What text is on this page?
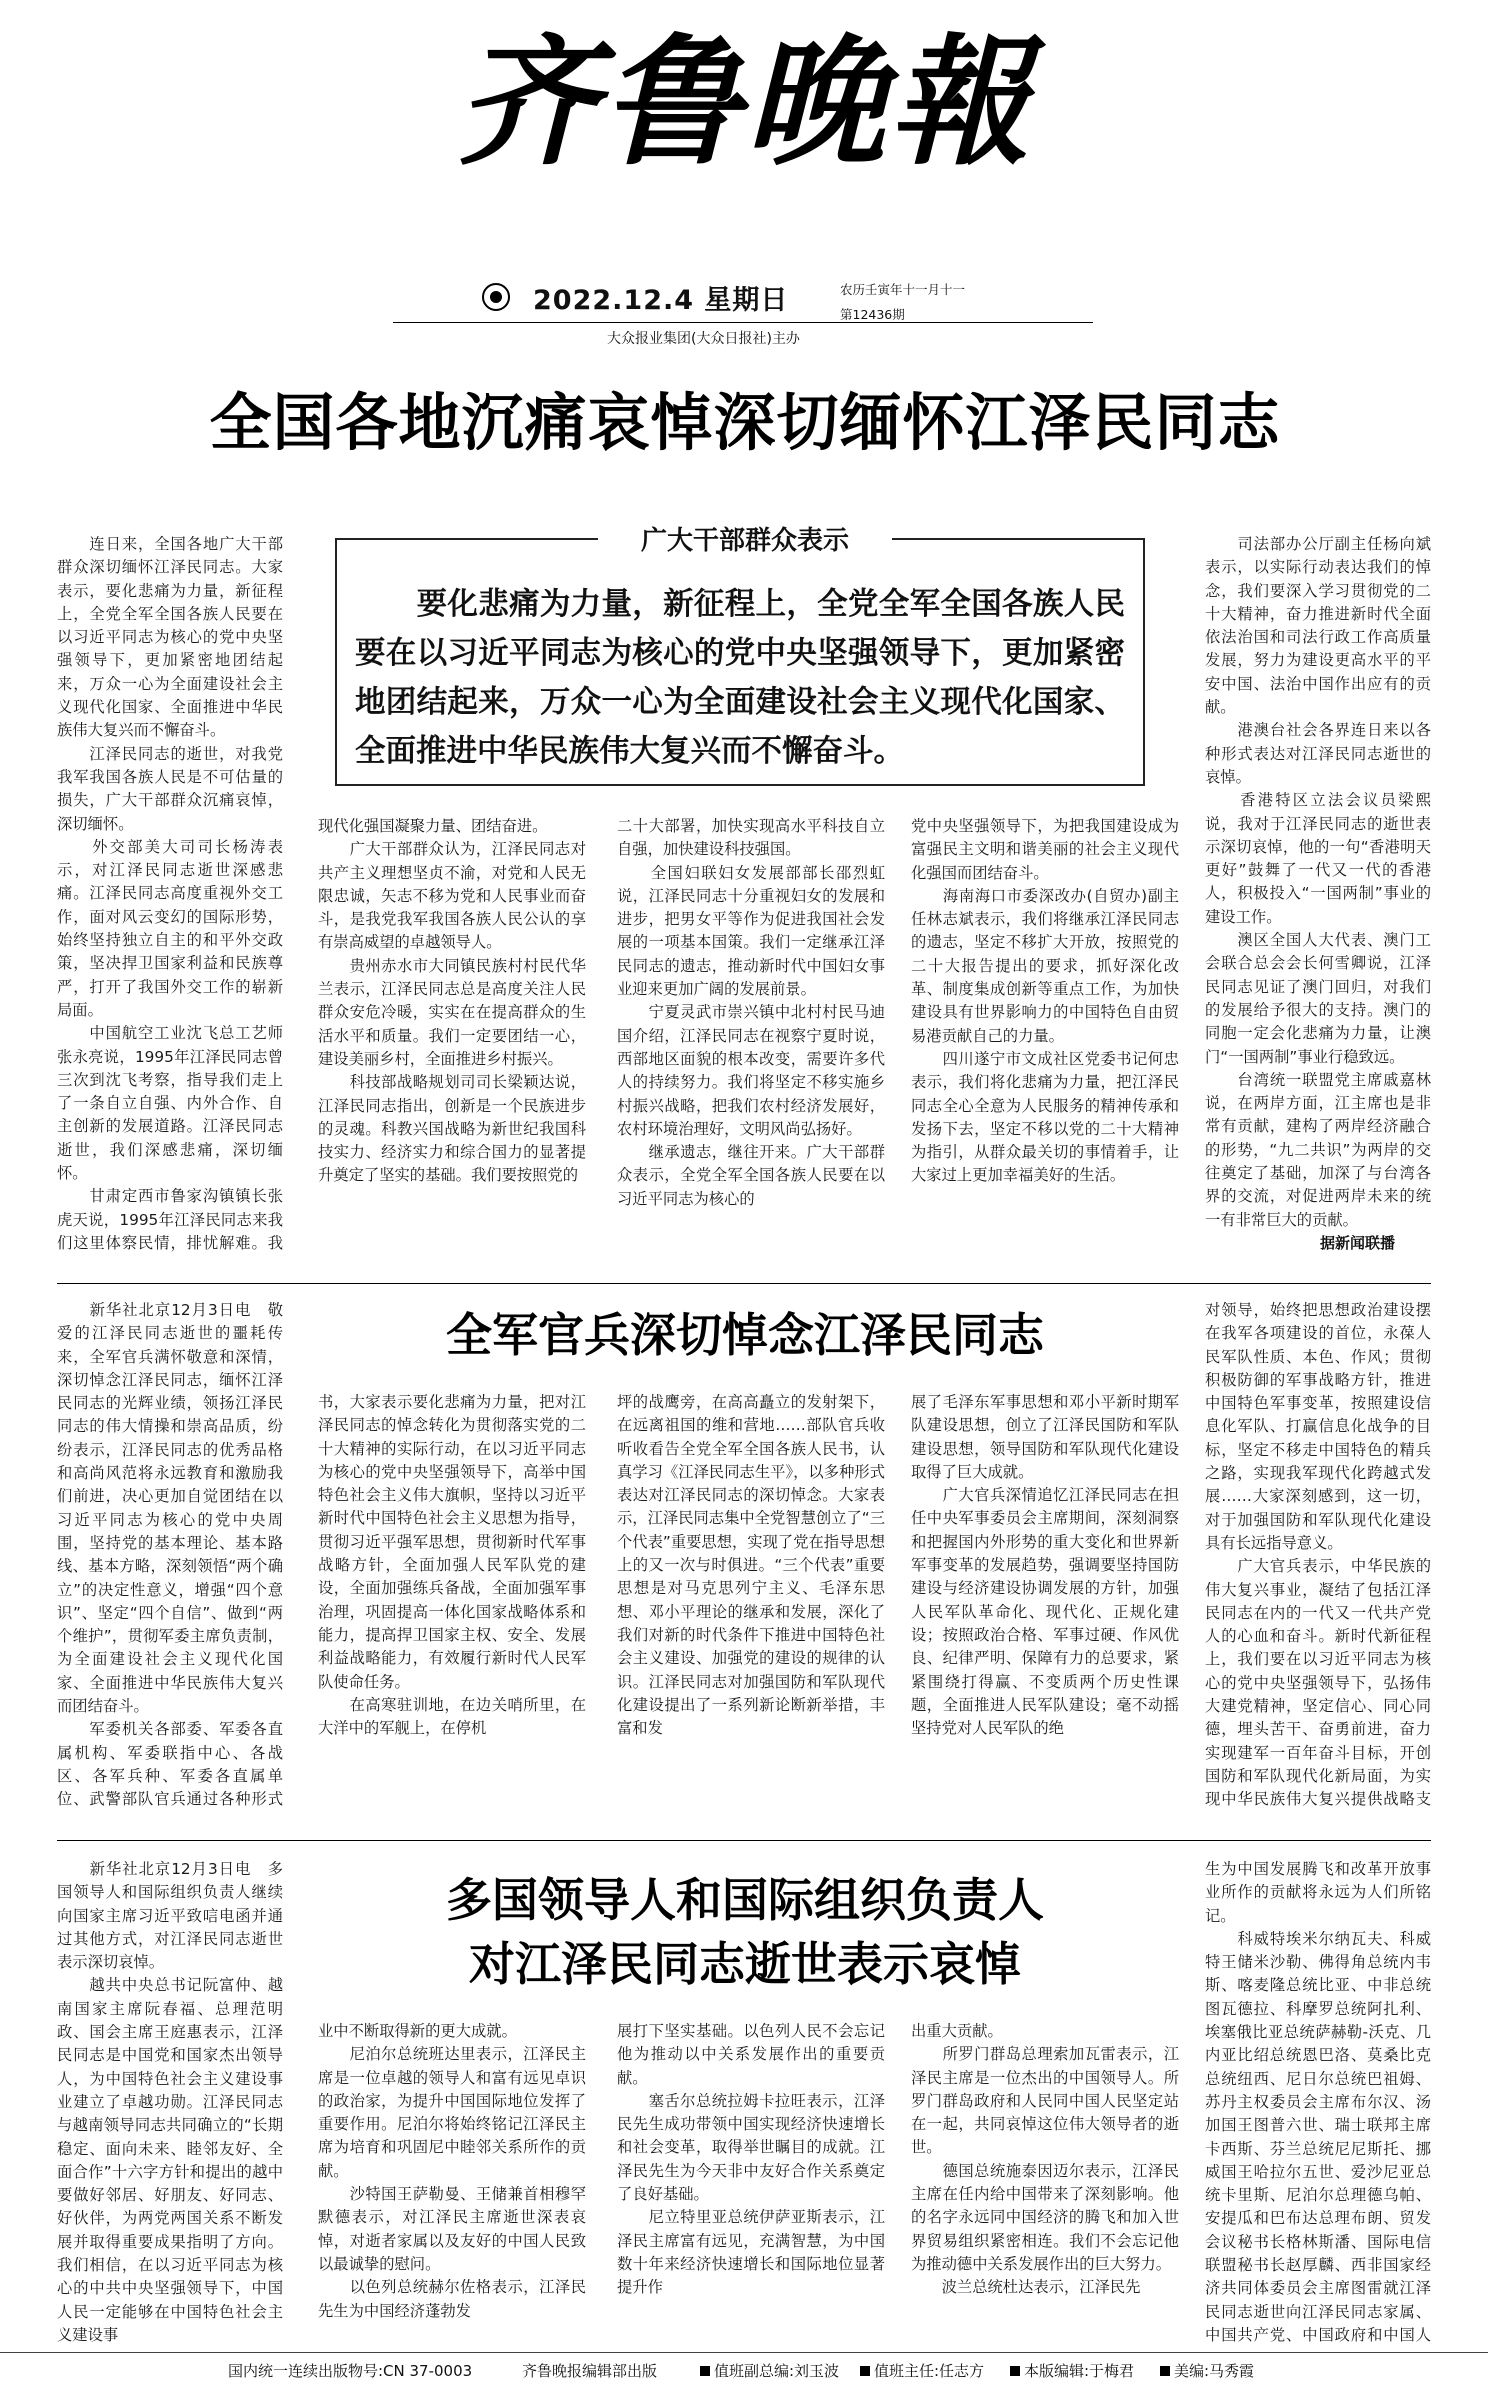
齐鲁晚報
2022.12.4 星期日	农历壬寅年十一月十一
第12436期
大众报业集团(大众日报社)主办
全国各地沉痛哀悼深切缅怀江泽民同志
广大干部群众表示
　　要化悲痛为力量，新征程上，全党全军全国各族人民要在以习近平同志为核心的党中央坚强领导下，更加紧密地团结起来，万众一心为全面建设社会主义现代化国家、全面推进中华民族伟大复兴而不懈奋斗。
　　连日来，全国各地广大干部群众深切缅怀江泽民同志。大家表示，要化悲痛为力量，新征程上，全党全军全国各族人民要在以习近平同志为核心的党中央坚强领导下，更加紧密地团结起来，万众一心为全面建设社会主义现代化国家、全面推进中华民族伟大复兴而不懈奋斗。
　　江泽民同志的逝世，对我党我军我国各族人民是不可估量的损失，广大干部群众沉痛哀悼，深切缅怀。
　　外交部美大司司长杨涛表示，对江泽民同志逝世深感悲痛。江泽民同志高度重视外交工作，面对风云变幻的国际形势，始终坚持独立自主的和平外交政策，坚决捍卫国家利益和民族尊严，打开了我国外交工作的崭新局面。
　　中国航空工业沈飞总工艺师张永亮说，1995年江泽民同志曾三次到沈飞考察，指导我们走上了一条自立自强、内外合作、自主创新的发展道路。江泽民同志逝世，我们深感悲痛，深切缅怀。
　　甘肃定西市鲁家沟镇镇长张虎天说，1995年江泽民同志来我们这里体察民情，排忧解难。我
现代化强国凝聚力量、团结奋进。
　　广大干部群众认为，江泽民同志对共产主义理想坚贞不渝，对党和人民无限忠诚，矢志不移为党和人民事业而奋斗，是我党我军我国各族人民公认的享有崇高威望的卓越领导人。
　　贵州赤水市大同镇民族村村民代华兰表示，江泽民同志总是高度关注人民群众安危冷暖，实实在在提高群众的生活水平和质量。我们一定要团结一心，建设美丽乡村，全面推进乡村振兴。
　　科技部战略规划司司长梁颖达说，江泽民同志指出，创新是一个民族进步的灵魂。科教兴国战略为新世纪我国科技实力、经济实力和综合国力的显著提升奠定了坚实的基础。我们要按照党的
二十大部署，加快实现高水平科技自立自强，加快建设科技强国。
　　全国妇联妇女发展部部长邵烈虹说，江泽民同志十分重视妇女的发展和进步，把男女平等作为促进我国社会发展的一项基本国策。我们一定继承江泽民同志的遗志，推动新时代中国妇女事业迎来更加广阔的发展前景。
　　宁夏灵武市崇兴镇中北村村民马迪国介绍，江泽民同志在视察宁夏时说，西部地区面貌的根本改变，需要许多代人的持续努力。我们将坚定不移实施乡村振兴战略，把我们农村经济发展好，农村环境治理好，文明风尚弘扬好。
　　继承遗志，继往开来。广大干部群众表示，全党全军全国各族人民要在以习近平同志为核心的
党中央坚强领导下，为把我国建设成为富强民主文明和谐美丽的社会主义现代化强国而团结奋斗。
　　海南海口市委深改办(自贸办)副主任林志斌表示，我们将继承江泽民同志的遗志，坚定不移扩大开放，按照党的二十大报告提出的要求，抓好深化改革、制度集成创新等重点工作，为加快建设具有世界影响力的中国特色自由贸易港贡献自己的力量。
　　四川遂宁市文成社区党委书记何忠表示，我们将化悲痛为力量，把江泽民同志全心全意为人民服务的精神传承和发扬下去，坚定不移以党的二十大精神为指引，从群众最关切的事情着手，让大家过上更加幸福美好的生活。
　　司法部办公厅副主任杨向斌表示，以实际行动表达我们的悼念，我们要深入学习贯彻党的二十大精神，奋力推进新时代全面依法治国和司法行政工作高质量发展，努力为建设更高水平的平安中国、法治中国作出应有的贡献。
　　港澳台社会各界连日来以各种形式表达对江泽民同志逝世的哀悼。
　　香港特区立法会议员梁熙说，我对于江泽民同志的逝世表示深切哀悼，他的一句“香港明天更好”鼓舞了一代又一代的香港人，积极投入“一国两制”事业的建设工作。
　　澳区全国人大代表、澳门工会联合总会会长何雪卿说，江泽民同志见证了澳门回归，对我们的发展给予很大的支持。澳门的同胞一定会化悲痛为力量，让澳门“一国两制”事业行稳致远。
　　台湾统一联盟党主席戚嘉林说，在两岸方面，江主席也是非常有贡献，建构了两岸经济融合的形势，“九二共识”为两岸的交往奠定了基础，加深了与台湾各界的交流，对促进两岸未来的统一有非常巨大的贡献。
据新闻联播
全军官兵深切悼念江泽民同志
　　新华社北京12月3日电　敬爱的江泽民同志逝世的噩耗传来，全军官兵满怀敬意和深情，深切悼念江泽民同志，缅怀江泽民同志的光辉业绩，领扬江泽民同志的伟大情操和崇高品质，纷纷表示，江泽民同志的优秀品格和高尚风范将永远教育和激励我们前进，决心更加自觉团结在以习近平同志为核心的党中央周围，坚持党的基本理论、基本路线、基本方略，深刻领悟“两个确立”的决定性意义，增强“四个意识”、坚定“四个自信”、做到“两个维护”，贯彻军委主席负责制，为全面建设社会主义现代化国家、全面推进中华民族伟大复兴而团结奋斗。
　　军委机关各部委、军委各直属机构、军委联指中心、各战区、各军兵种、军委各直属单位、武警部队官兵通过各种形式
书，大家表示要化悲痛为力量，把对江泽民同志的悼念转化为贯彻落实党的二十大精神的实际行动，在以习近平同志为核心的党中央坚强领导下，高举中国特色社会主义伟大旗帜，坚持以习近平新时代中国特色社会主义思想为指导，贯彻习近平强军思想，贯彻新时代军事战略方针，全面加强人民军队党的建设，全面加强练兵备战，全面加强军事治理，巩固提高一体化国家战略体系和能力，提高捍卫国家主权、安全、发展利益战略能力，有效履行新时代人民军队使命任务。
　　在高寒驻训地，在边关哨所里，在大洋中的军舰上，在停机
坪的战鹰旁，在高高矗立的发射架下，在远离祖国的维和营地……部队官兵收听收看告全党全军全国各族人民书，认真学习《江泽民同志生平》，以多种形式表达对江泽民同志的深切悼念。大家表示，江泽民同志集中全党智慧创立了“三个代表”重要思想，实现了党在指导思想上的又一次与时俱进。“三个代表”重要思想是对马克思列宁主义、毛泽东思想、邓小平理论的继承和发展，深化了我们对新的时代条件下推进中国特色社会主义建设、加强党的建设的规律的认识。江泽民同志对加强国防和军队现代化建设提出了一系列新论断新举措，丰富和发
展了毛泽东军事思想和邓小平新时期军队建设思想，创立了江泽民国防和军队建设思想，领导国防和军队现代化建设取得了巨大成就。
　　广大官兵深情追忆江泽民同志在担任中央军事委员会主席期间，深刻洞察和把握国内外形势的重大变化和世界新军事变革的发展趋势，强调要坚持国防建设与经济建设协调发展的方针，加强人民军队革命化、现代化、正规化建设；按照政治合格、军事过硬、作风优良、纪律严明、保障有力的总要求，紧紧围绕打得赢、不变质两个历史性课题，全面推进人民军队建设；毫不动摇坚持党对人民军队的绝
对领导，始终把思想政治建设摆在我军各项建设的首位，永葆人民军队性质、本色、作风；贯彻积极防御的军事战略方针，推进中国特色军事变革，按照建设信息化军队、打赢信息化战争的目标，坚定不移走中国特色的精兵之路，实现我军现代化跨越式发展……大家深刻感到，这一切，对于加强国防和军队现代化建设具有长远指导意义。
　　广大官兵表示，中华民族的伟大复兴事业，凝结了包括江泽民同志在内的一代又一代共产党人的心血和奋斗。新时代新征程上，我们要在以习近平同志为核心的党中央坚强领导下，弘扬伟大建党精神，坚定信心、同心同德，埋头苦干、奋勇前进，奋力实现建军一百年奋斗目标，开创国防和军队现代化新局面，为实现中华民族伟大复兴提供战略支
多国领导人和国际组织负责人
对江泽民同志逝世表示哀悼
　　新华社北京12月3日电　多国领导人和国际组织负责人继续向国家主席习近平致唁电函并通过其他方式，对江泽民同志逝世表示深切哀悼。
　　越共中央总书记阮富仲、越南国家主席阮春福、总理范明政、国会主席王庭惠表示，江泽民同志是中国党和国家杰出领导人，为中国特色社会主义建设事业建立了卓越功勋。江泽民同志与越南领导同志共同确立的“长期稳定、面向未来、睦邻友好、全面合作”十六字方针和提出的越中要做好邻居、好朋友、好同志、好伙伴，为两党两国关系不断发展并取得重要成果指明了方向。我们相信，在以习近平同志为核心的中共中央坚强领导下，中国人民一定能够在中国特色社会主义建设事
业中不断取得新的更大成就。
　　尼泊尔总统班达里表示，江泽民主席是一位卓越的领导人和富有远见卓识的政治家，为提升中国国际地位发挥了重要作用。尼泊尔将始终铭记江泽民主席为培育和巩固尼中睦邻关系所作的贡献。
　　沙特国王萨勒曼、王储兼首相穆罕默德表示，对江泽民主席逝世深表哀悼，对逝者家属以及友好的中国人民致以最诚挚的慰问。
　　以色列总统赫尔佐格表示，江泽民先生为中国经济蓬勃发
展打下坚实基础。以色列人民不会忘记他为推动以中关系发展作出的重要贡献。
　　塞舌尔总统拉姆卡拉旺表示，江泽民先生成功带领中国实现经济快速增长和社会变革，取得举世瞩目的成就。江泽民先生为今天非中友好合作关系奠定了良好基础。
　　尼立特里亚总统伊萨亚斯表示，江泽民主席富有远见，充满智慧，为中国数十年来经济快速增长和国际地位显著提升作
出重大贡献。
　　所罗门群岛总理索加瓦雷表示，江泽民主席是一位杰出的中国领导人。所罗门群岛政府和人民同中国人民坚定站在一起，共同哀悼这位伟大领导者的逝世。
　　德国总统施泰因迈尔表示，江泽民主席在任内给中国带来了深刻影响。他的名字永远同中国经济的腾飞和加入世界贸易组织紧密相连。我们不会忘记他为推动德中关系发展作出的巨大努力。
　　波兰总统杜达表示，江泽民先
生为中国发展腾飞和改革开放事业所作的贡献将永远为人们所铭记。
　　科威特埃米尔纳瓦夫、科威特王储米沙勒、佛得角总统内韦斯、喀麦隆总统比亚、中非总统图瓦德拉、科摩罗总统阿扎利、埃塞俄比亚总统萨赫勒-沃克、几内亚比绍总统恩巴洛、莫桑比克总统纽西、尼日尔总统巴祖姆、苏丹主权委员会主席布尔汉、汤加国王图普六世、瑞士联邦主席卡西斯、芬兰总统尼尼斯托、挪威国王哈拉尔五世、爱沙尼亚总统卡里斯、尼泊尔总理德乌帕、安提瓜和巴布达总理布朗、贸发会议秘书长格林斯潘、国际电信联盟秘书长赵厚麟、西非国家经济共同体委员会主席图雷就江泽民同志逝世向江泽民同志家属、中国共产党、中国政府和中国人
国内统一连续出版物号:CN 37-0003	齐鲁晚报编辑部出版	值班副总编:刘玉波	值班主任:任志方	本版编辑:于梅君	美编:马秀霞
